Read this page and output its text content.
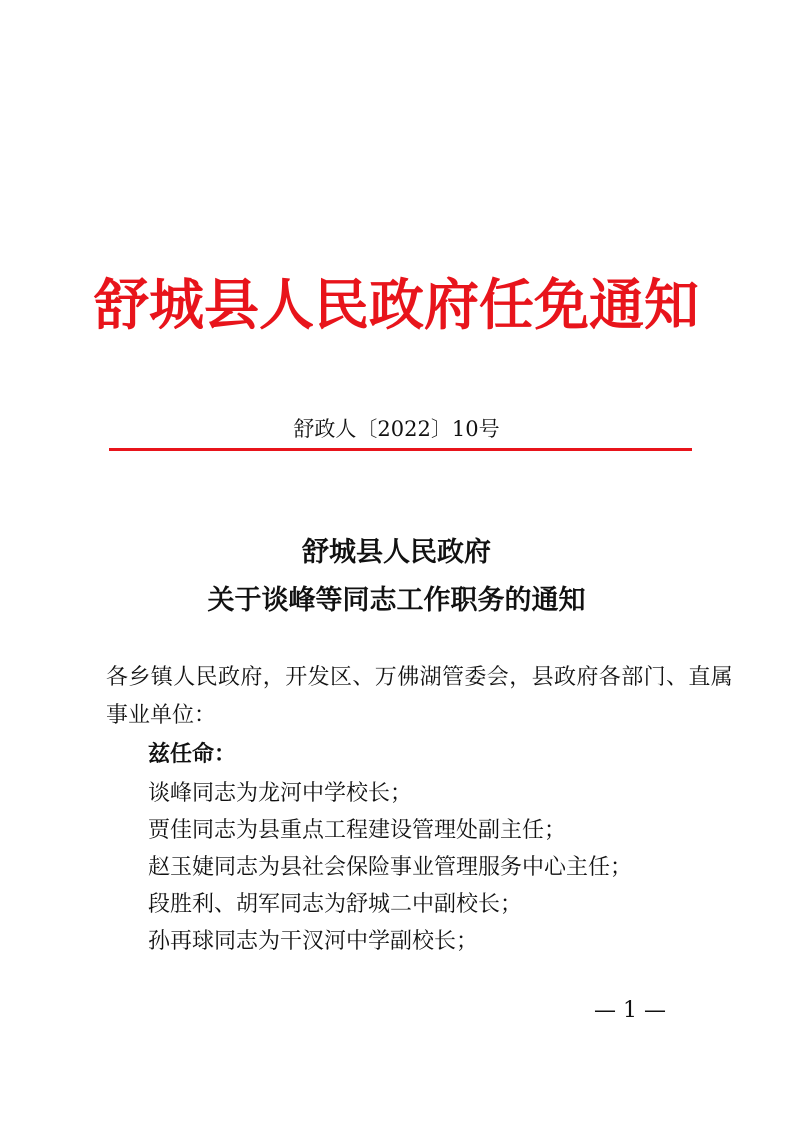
舒城县人民政府任免通知
舒政人〔2022〕10号
舒城县人民政府
关于谈峰等同志工作职务的通知
各乡镇人民政府，开发区、万佛湖管委会，县政府各部门、直属
事业单位：
兹任命：
谈峰同志为龙河中学校长；
贾佳同志为县重点工程建设管理处副主任；
赵玉婕同志为县社会保险事业管理服务中心主任；
段胜利、胡军同志为舒城二中副校长；
孙再球同志为干汊河中学副校长；
— 1 —
